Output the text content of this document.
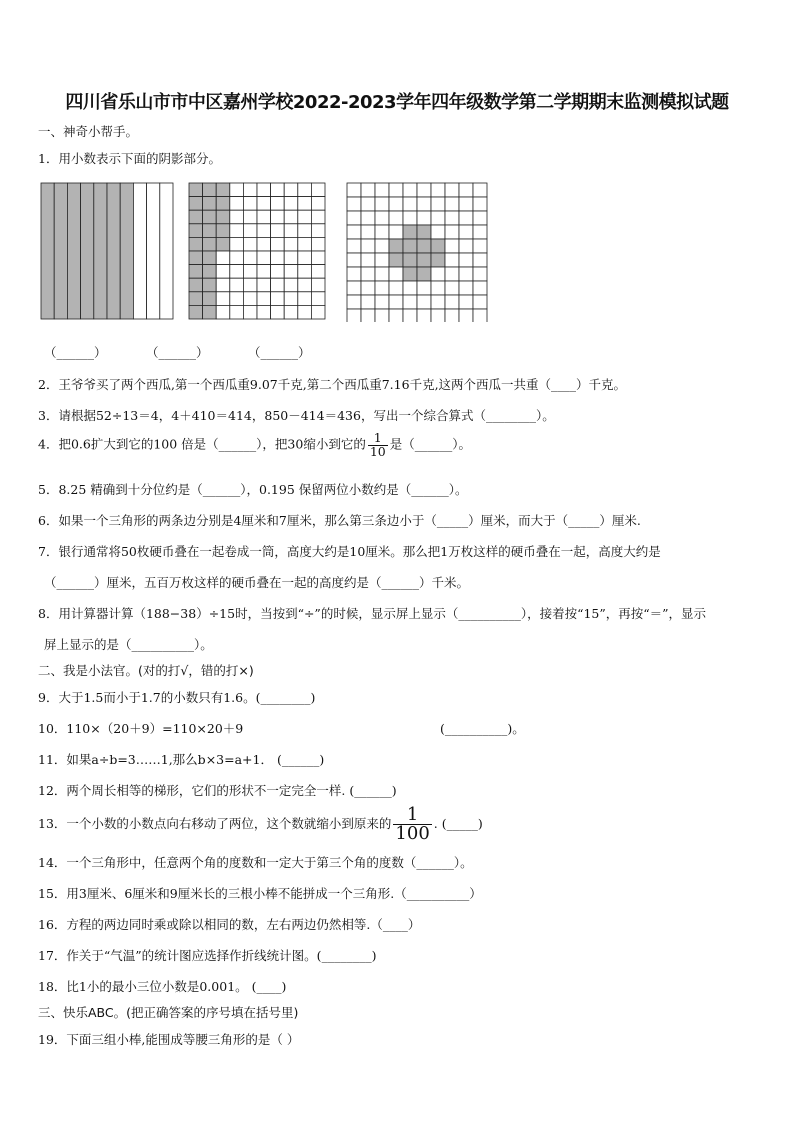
四川省乐山市市中区嘉州学校2022-2023学年四年级数学第二学期期末监测模拟试题
一、神奇小帮手。
1．用小数表示下面的阴影部分。
（______）	（______）	（______）
2．王爷爷买了两个西瓜,第一个西瓜重9.07千克,第二个西瓜重7.16千克,这两个西瓜一共重（____）千克。
3．请根据52÷13＝4，4＋410＝414，850－414＝436，写出一个综合算式（________）。
4．把0.6扩大到它的100 倍是（______），把30缩小到它的 $\frac{1}{10}$ 是（______）。
5．8.25 精确到十分位约是（______），0.195 保留两位小数约是（______）。
6．如果一个三角形的两条边分别是4厘米和7厘米，那么第三条边小于（_____）厘米，而大于（_____）厘米.
7．银行通常将50枚硬币叠在一起卷成一筒，高度大约是10厘米。那么把1万枚这样的硬币叠在一起，高度大约是
（______）厘米，五百万枚这样的硬币叠在一起的高度约是（______）千米。
8．用计算器计算（188−38）÷15时，当按到“÷”的时候，显示屏上显示（__________），接着按“15”，再按“＝”，显示
屏上显示的是（__________）。
二、我是小法官。(对的打√，错的打×)
9．大于1.5而小于1.7的小数只有1.6。(________)
10．110×（20＋9）=110×20＋9	(__________)。
11．如果a÷b=3……1,那么b×3=a+1． (______)
12．两个周长相等的梯形，它们的形状不一定完全一样. (______)
13．一个小数的小数点向右移动了两位，这个数就缩小到原来的 $\frac{1}{100}$ . (_____)
14．一个三角形中，任意两个角的度数和一定大于第三个角的度数（______）。
15．用3厘米、6厘米和9厘米长的三根小棒不能拼成一个三角形.（__________）
16．方程的两边同时乘或除以相同的数，左右两边仍然相等.（____）
17．作关于“气温”的统计图应选择作折线统计图。(________)
18．比1小的最小三位小数是0.001。 (____)
三、快乐ABC。(把正确答案的序号填在括号里)
19．下面三组小棒,能围成等腰三角形的是（ ）
